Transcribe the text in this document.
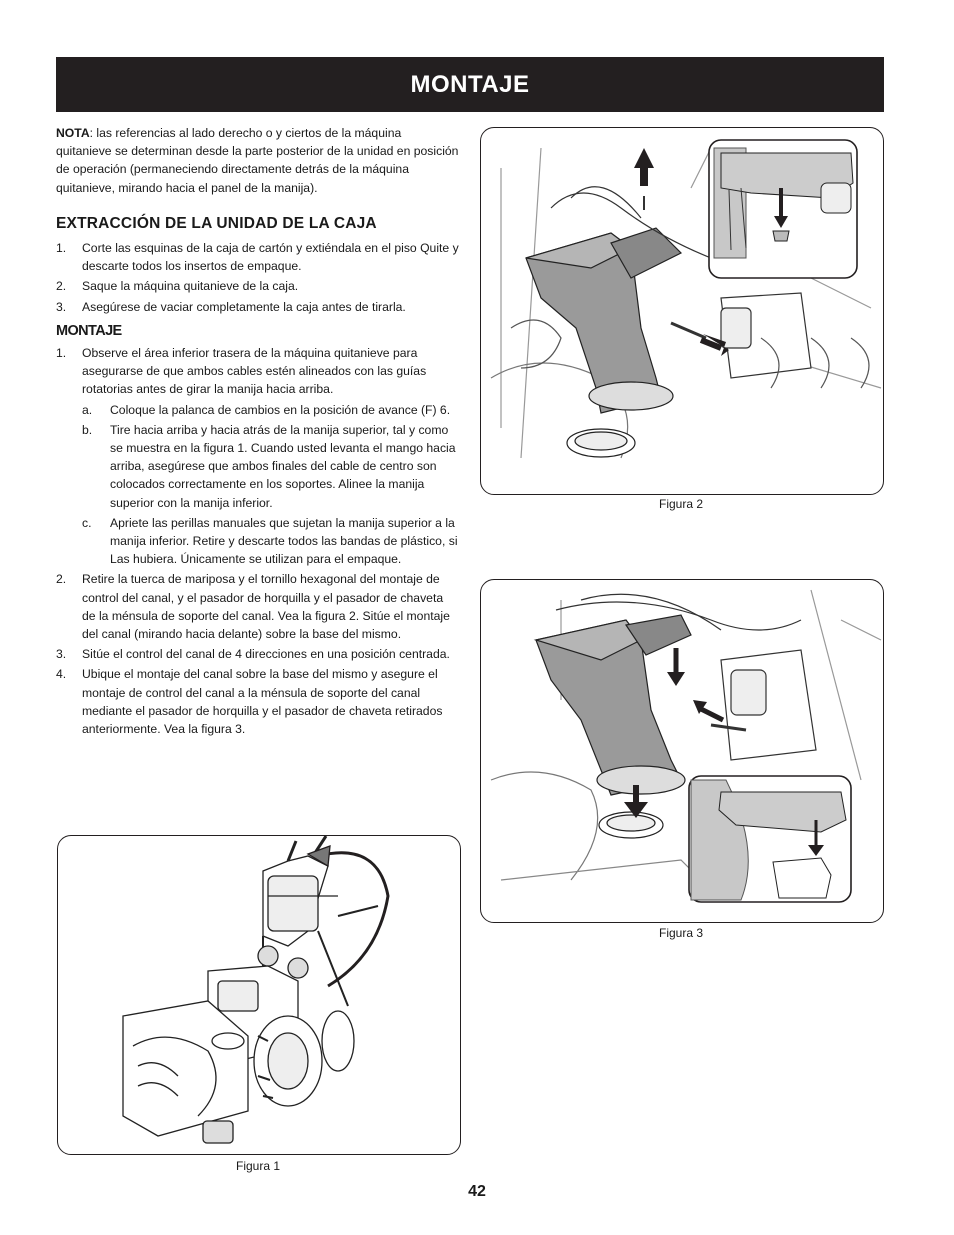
MONTAJE

NOTA: las referencias al lado derecho o y ciertos de la máquina quitanieve se determinan desde la parte posterior de la unidad en posición de operación (permaneciendo directamente detrás de la máquina quitanieve, mirando hacia el panel de la manija).

EXTRACCIÓN DE LA UNIDAD DE LA CAJA
1. Corte las esquinas de la caja de cartón y extiéndala en el piso Quite y descarte todos los insertos de empaque.
2. Saque la máquina quitanieve de la caja.
3. Asegúrese de vaciar completamente la caja antes de tirarla.
MONTAJE
1. Observe el área inferior trasera de la máquina quitanieve para asegurarse de que ambos cables estén alineados con las guías rotatorias antes de girar la manija hacia arriba.
a. Coloque la palanca de cambios en la posición de avance (F) 6.
b. Tire hacia arriba y hacia atrás de la manija superior, tal y como se muestra en la figura 1. Cuando usted levanta el mango hacia arriba, asegúrese que ambos finales del cable de centro son colocados correctamente en los soportes. Alinee la manija superior con la manija inferior.
c. Apriete las perillas manuales que sujetan la manija superior a la manija inferior. Retire y descarte todos las bandas de plástico, si Las hubiera. Únicamente se utilizan para el empaque.
2. Retire la tuerca de mariposa y el tornillo hexagonal del montaje de control del canal, y el pasador de horquilla y el pasador de chaveta de la ménsula de soporte del canal. Vea la figura 2. Sitúe el montaje del canal (mirando hacia delante) sobre la base del mismo.
3. Sitúe el control del canal de 4 direcciones en una posición centrada.
4. Ubique el montaje del canal sobre la base del mismo y asegure el montaje de control del canal a la ménsula de soporte del canal mediante el pasador de horquilla y el pasador de chaveta retirados anteriormente. Vea la figura 3.
Figura 2
Figura 3
Figura 1
42
